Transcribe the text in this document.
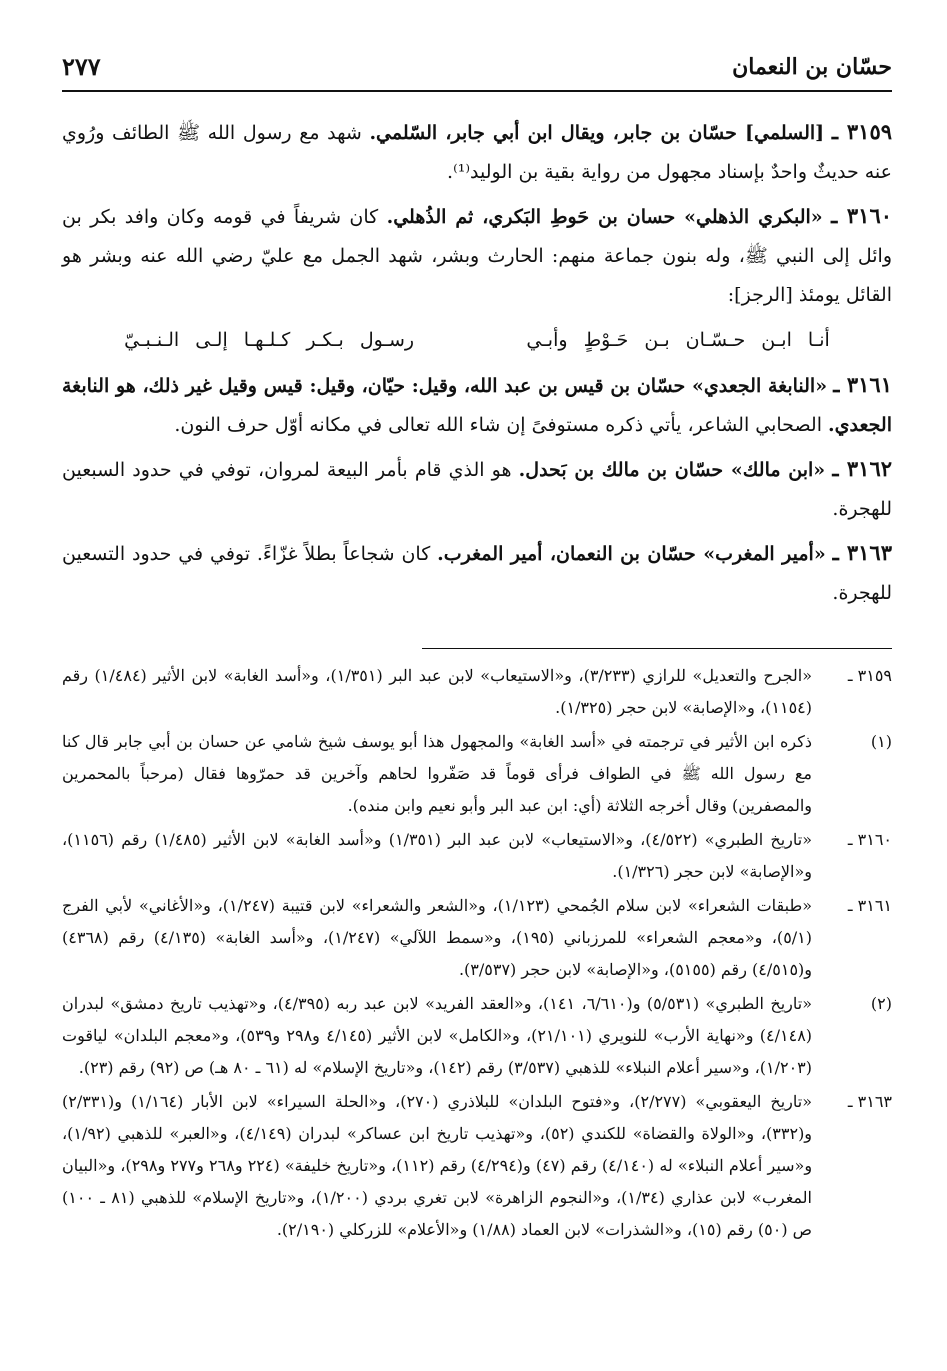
حسّان بن النعمان
٢٧٧
٣١٥٩ ـ [السلمي] حسّان بن جابر، ويقال ابن أبي جابر، السّلمي. شهد مع رسول الله ﷺ الطائف ورُوي عنه حديثٌ واحدٌ بإسناد مجهول من رواية بقية بن الوليد⁽¹⁾.
٣١٦٠ ـ «البكري الذهلي» حسان بن حَوطِ البَكري، ثم الذُهلي. كان شريفاً في قومه وكان وافد بكر بن وائل إلى النبي ﷺ، وله بنون جماعة منهم: الحارث وبشر، شهد الجمل مع عليّ رضي الله عنه وبشر هو القائل يومئذ [الرجز]:
أنـا ابـن حـسّـان بـن حَـوْطٍ وأبـي       رسـول بـكـر كـلـهـا إلـى الـنـبـيّ
٣١٦١ ـ «النابغة الجعدي» حسّان بن قيس بن عبد الله، وقيل: حيّان، وقيل: قيس وقيل غير ذلك، هو النابغة الجعدي. الصحابي الشاعر، يأتي ذكره مستوفىً إن شاء الله تعالى في مكانه أوّل حرف النون.
٣١٦٢ ـ «ابن مالك» حسّان بن مالك بن بَحدل. هو الذي قام بأمر البيعة لمروان، توفي في حدود السبعين للهجرة.
٣١٦٣ ـ «أمير المغرب» حسّان بن النعمان، أمير المغرب. كان شجاعاً بطلاً غزّاءً. توفي في حدود التسعين للهجرة.
٣١٥٩ ـ
«الجرح والتعديل» للرازي (٣/٢٣٣)، و«الاستيعاب» لابن عبد البر (١/٣٥١)، و«أسد الغابة» لابن الأثير (١/٤٨٤) رقم (١١٥٤)، و«الإصابة» لابن حجر (١/٣٢٥).
(١)
ذكره ابن الأثير في ترجمته في «أسد الغابة» والمجهول هذا أبو يوسف شيخ شامي عن حسان بن أبي جابر قال كنا مع رسول الله ﷺ في الطواف فرأى قوماً قد صَفّروا لحاهم وآخرين قد حمرّوها فقال (مرحباً بالمحمرين والمصفرين) وقال أخرجه الثلاثة (أي: ابن عبد البر وأبو نعيم وابن منده).
٣١٦٠ ـ
«تاريخ الطبري» (٤/٥٢٢)، و«الاستيعاب» لابن عبد البر (١/٣٥١) و«أسد الغابة» لابن الأثير (١/٤٨٥) رقم (١١٥٦)، و«الإصابة» لابن حجر (١/٣٢٦).
٣١٦١ ـ
«طبقات الشعراء» لابن سلام الجُمحي (١/١٢٣)، و«الشعر والشعراء» لابن قتيبة (١/٢٤٧)، و«الأغاني» لأبي الفرج (٥/١)، و«معجم الشعراء» للمرزباني (١٩٥)، و«سمط اللآلي» (١/٢٤٧)، و«أسد الغابة» (٤/١٣٥) رقم (٤٣٦٨) و(٤/٥١٥) رقم (٥١٥٥)، و«الإصابة» لابن حجر (٣/٥٣٧).
(٢)
«تاريخ الطبري» (٥/٥٣١) و(٦/٦١٠، ١٤١)، و«العقد الفريد» لابن عبد ربه (٤/٣٩٥)، و«تهذيب تاريخ دمشق» لبدران (٤/١٤٨) و«نهاية الأرب» للنويري (٢١/١٠١)، و«الكامل» لابن الأثير (٤/١٤٥ و٢٩٨ و٥٣٩)، و«معجم البلدان» لياقوت (١/٢٠٣)، و«سير أعلام النبلاء» للذهبي (٣/٥٣٧) رقم (١٤٢)، و«تاريخ الإسلام» له (٦١ ـ ٨٠ هـ) ص (٩٢) رقم (٢٣).
٣١٦٣ ـ
«تاريخ اليعقوبي» (٢/٢٧٧)، و«فتوح البلدان» للبلاذري (٢٧٠)، و«الحلة السيراء» لابن الأبار (١/١٦٤) و(٢/٣٣١) و(٣٣٢)، و«الولاة والقضاة» للكندي (٥٢)، و«تهذيب تاريخ ابن عساكر» لبدران (٤/١٤٩)، و«العبر» للذهبي (١/٩٢)، و«سير أعلام النبلاء» له (٤/١٤٠) رقم (٤٧) و(٤/٢٩٤) رقم (١١٢)، و«تاريخ خليفة» (٢٢٤ و٢٦٨ و٢٧٧ و٢٩٨)، و«البيان المغرب» لابن عذاري (١/٣٤)، و«النجوم الزاهرة» لابن تغري بردي (١/٢٠٠)، و«تاريخ الإسلام» للذهبي (٨١ ـ ١٠٠) ص (٥٠) رقم (١٥)، و«الشذرات» لابن العماد (١/٨٨) و«الأعلام» للزركلي (٢/١٩٠).
